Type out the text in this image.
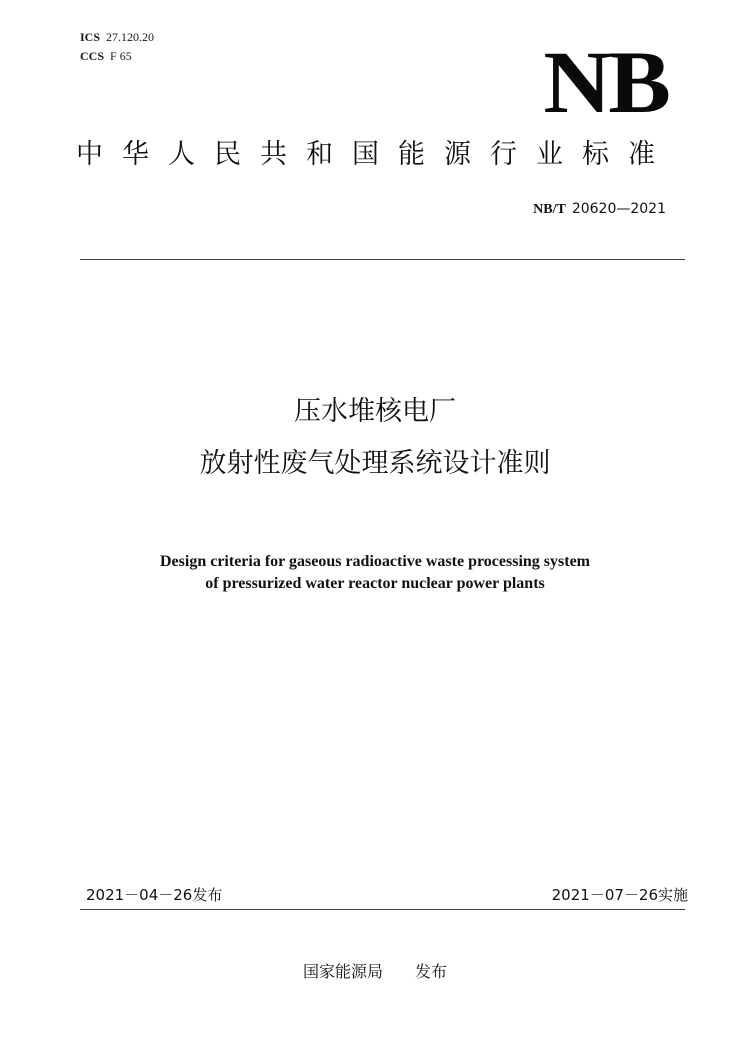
ICS 27.120.20
CCS F 65	NB
中华人民共和国能源行业标准
NB/T 20620—2021
压水堆核电厂
放射性废气处理系统设计准则
Design criteria for gaseous radioactive waste processing system
of pressurized water reactor nuclear power plants
2021－04－26发布	2021－07－26实施
国家能源局 发布
